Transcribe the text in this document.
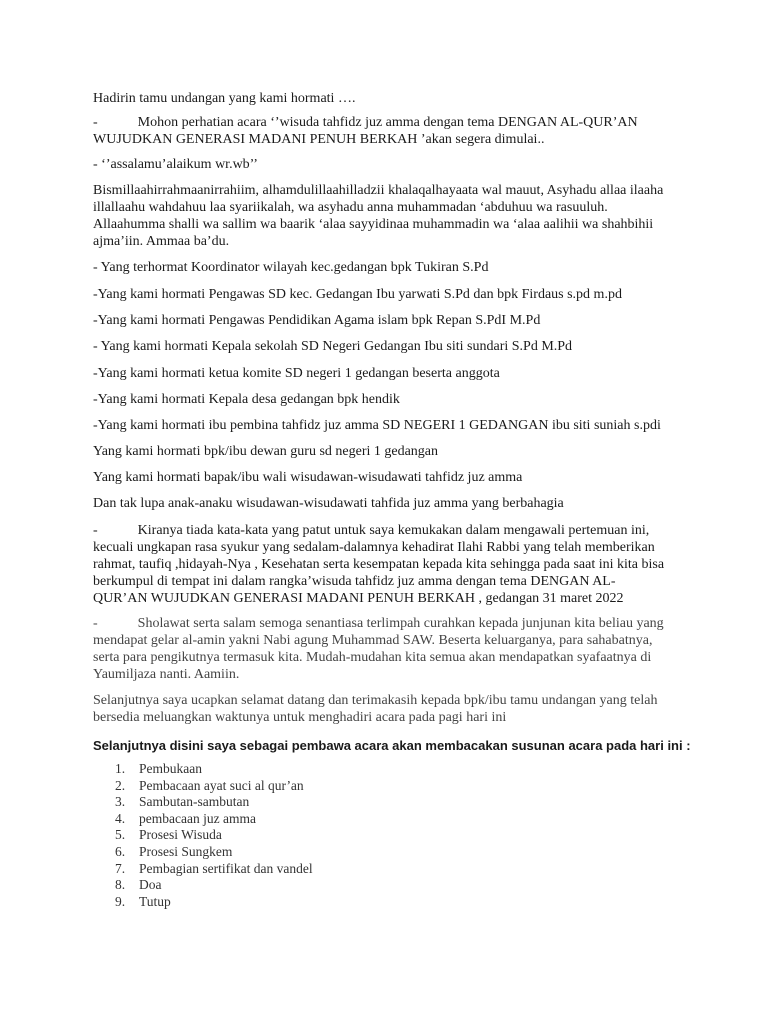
Hadirin tamu undangan yang kami hormati ….
-	Mohon perhatian acara ‘’wisuda tahfidz juz amma dengan tema DENGAN AL-QUR’AN
WUJUDKAN GENERASI MADANI PENUH BERKAH ’akan segera dimulai..
- ‘’assalamu’alaikum wr.wb’’
Bismillaahirrahmaanirrahiim, alhamdulillaahilladzii khalaqalhayaata wal mauut, Asyhadu allaa ilaaha
illallaahu wahdahuu laa syariikalah, wa asyhadu anna muhammadan ‘abduhuu wa rasuuluh.
Allaahumma shalli wa sallim wa baarik ‘alaa sayyidinaa muhammadin wa ‘alaa aalihii wa shahbihii
ajma’iin. Ammaa ba’du.
- Yang terhormat Koordinator wilayah kec.gedangan bpk Tukiran S.Pd
-Yang kami hormati Pengawas SD kec. Gedangan Ibu yarwati S.Pd dan bpk Firdaus s.pd m.pd
-Yang kami hormati Pengawas Pendidikan Agama islam bpk Repan S.PdI M.Pd
- Yang kami hormati Kepala sekolah SD Negeri Gedangan Ibu siti sundari S.Pd M.Pd
-Yang kami hormati ketua komite SD negeri 1 gedangan beserta anggota
-Yang kami hormati Kepala desa gedangan bpk hendik
-Yang kami hormati ibu pembina tahfidz juz amma SD NEGERI 1 GEDANGAN ibu siti suniah s.pdi
Yang kami hormati bpk/ibu dewan guru sd negeri 1 gedangan
Yang kami hormati bapak/ibu wali wisudawan-wisudawati tahfidz juz amma
Dan tak lupa anak-anaku wisudawan-wisudawati tahfida juz amma yang berbahagia
-	Kiranya tiada kata-kata yang patut untuk saya kemukakan dalam mengawali pertemuan ini,
kecuali ungkapan rasa syukur yang sedalam-dalamnya kehadirat Ilahi Rabbi yang telah memberikan
rahmat, taufiq ,hidayah-Nya , Kesehatan serta kesempatan kepada kita sehingga pada saat ini kita bisa
berkumpul di tempat ini dalam rangka’wisuda tahfidz juz amma dengan tema DENGAN AL-
QUR’AN WUJUDKAN GENERASI MADANI PENUH BERKAH , gedangan 31 maret 2022
-	Sholawat serta salam semoga senantiasa terlimpah curahkan kepada junjunan kita beliau yang
mendapat gelar al-amin yakni Nabi agung Muhammad SAW. Beserta keluarganya, para sahabatnya,
serta para pengikutnya termasuk kita. Mudah-mudahan kita semua akan mendapatkan syafaatnya di
Yaumiljaza nanti. Aamiin.
Selanjutnya saya ucapkan selamat datang dan terimakasih kepada bpk/ibu tamu undangan yang telah
bersedia meluangkan waktunya untuk menghadiri acara pada pagi hari ini
Selanjutnya disini saya sebagai pembawa acara akan membacakan susunan acara pada hari ini :
1. Pembukaan
2. Pembacaan ayat suci al qur’an
3. Sambutan-sambutan
4. pembacaan juz amma
5. Prosesi Wisuda
6. Prosesi Sungkem
7. Pembagian sertifikat dan vandel
8. Doa
9. Tutup
